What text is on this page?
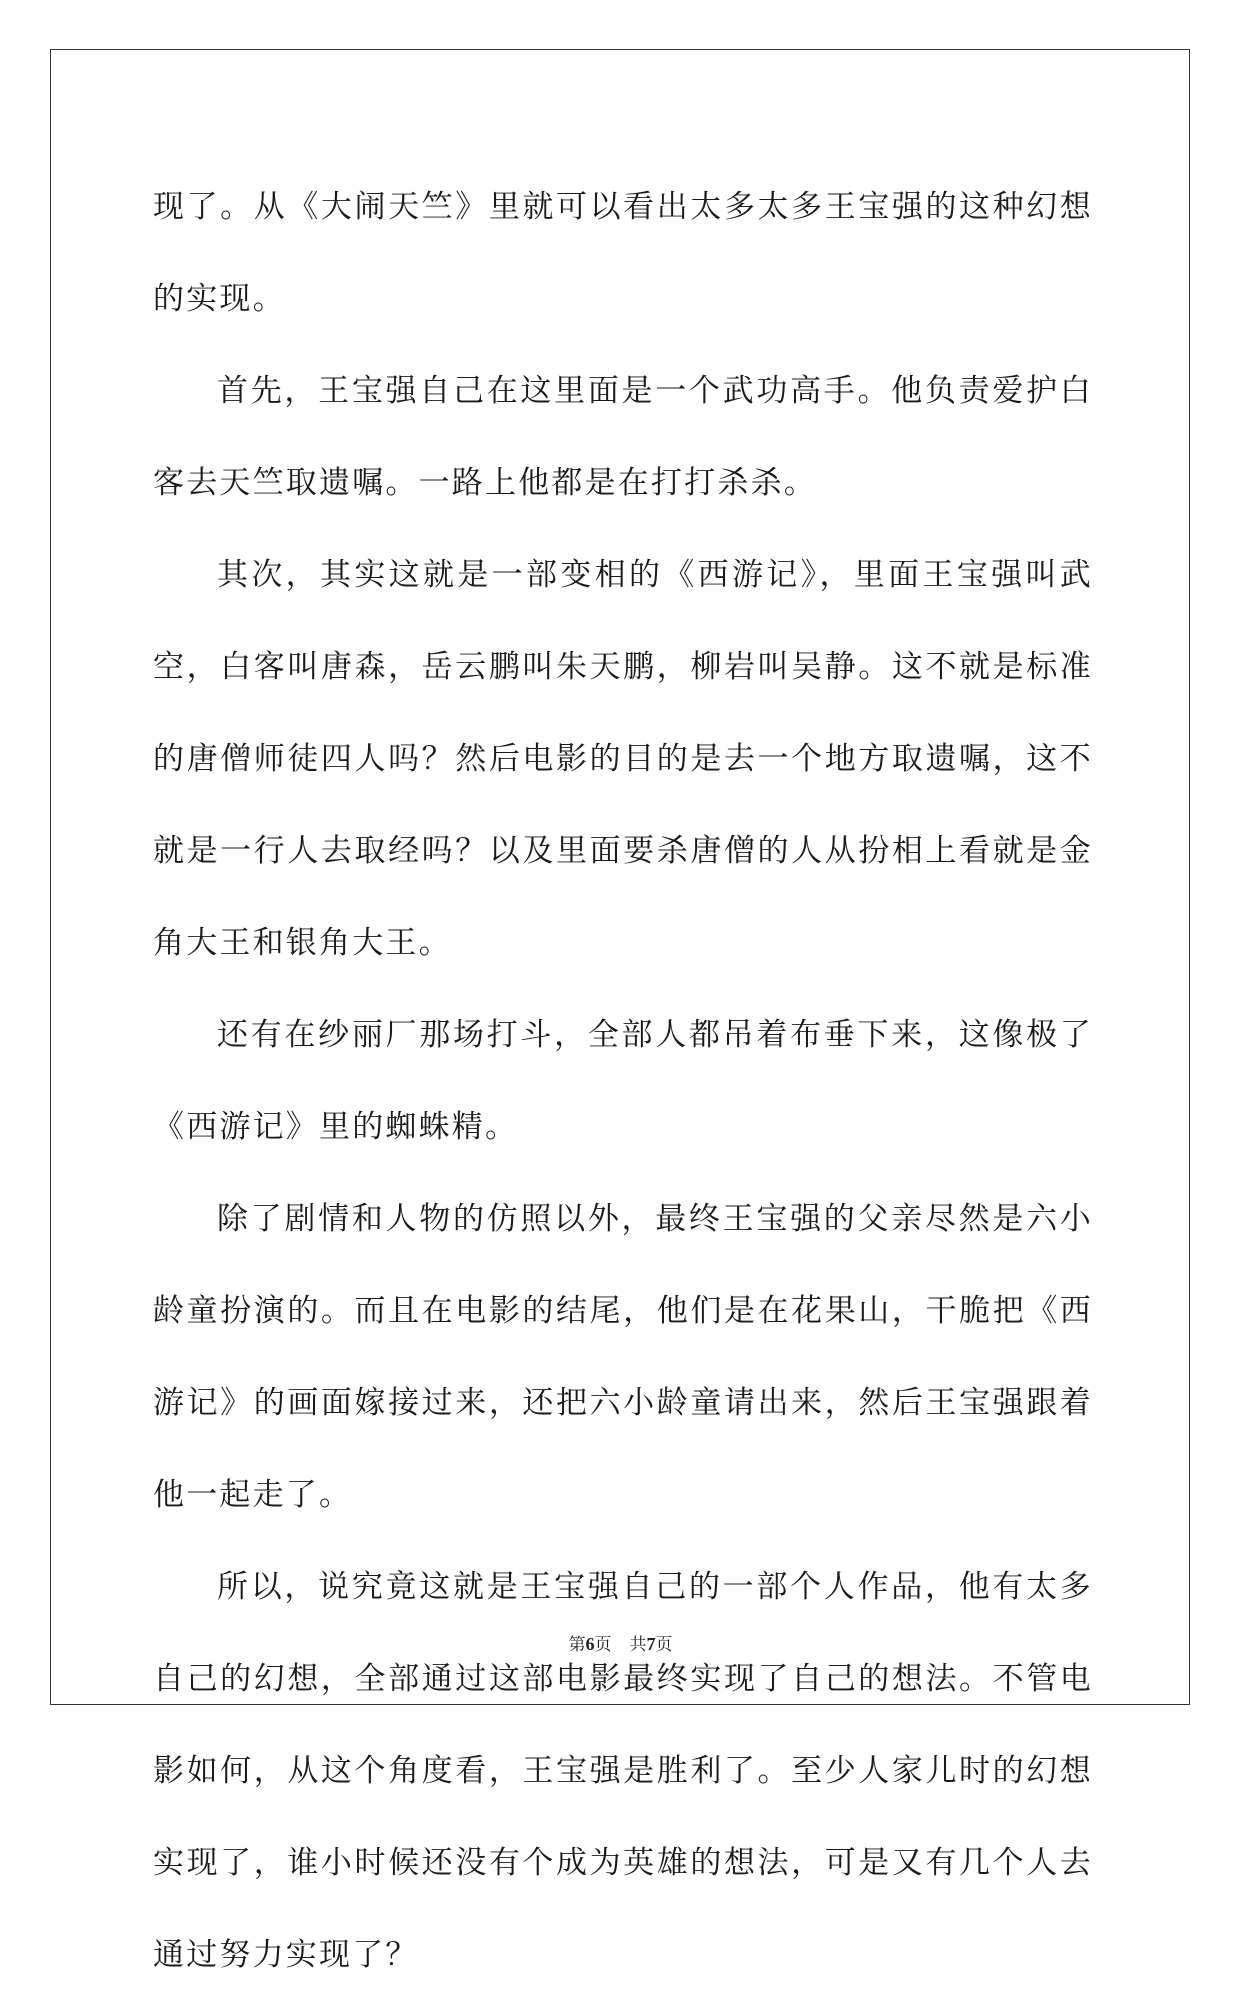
现了。从《大闹天竺》里就可以看出太多太多王宝强的这种幻想的实现。

首先，王宝强自己在这里面是一个武功高手。他负责爱护白客去天竺取遗嘱。一路上他都是在打打杀杀。

其次，其实这就是一部变相的《西游记》，里面王宝强叫武空，白客叫唐森，岳云鹏叫朱天鹏，柳岩叫吴静。这不就是标准的唐僧师徒四人吗？然后电影的目的是去一个地方取遗嘱，这不就是一行人去取经吗？以及里面要杀唐僧的人从扮相上看就是金角大王和银角大王。

还有在纱丽厂那场打斗，全部人都吊着布垂下来，这像极了《西游记》里的蜘蛛精。

除了剧情和人物的仿照以外，最终王宝强的父亲尽然是六小龄童扮演的。而且在电影的结尾，他们是在花果山，干脆把《西游记》的画面嫁接过来，还把六小龄童请出来，然后王宝强跟着他一起走了。

所以，说究竟这就是王宝强自己的一部个人作品，他有太多自己的幻想，全部通过这部电影最终实现了自己的想法。不管电影如何，从这个角度看，王宝强是胜利了。至少人家儿时的幻想实现了，谁小时候还没有个成为英雄的想法，可是又有几个人去通过努力实现了？

第6页 共7页
